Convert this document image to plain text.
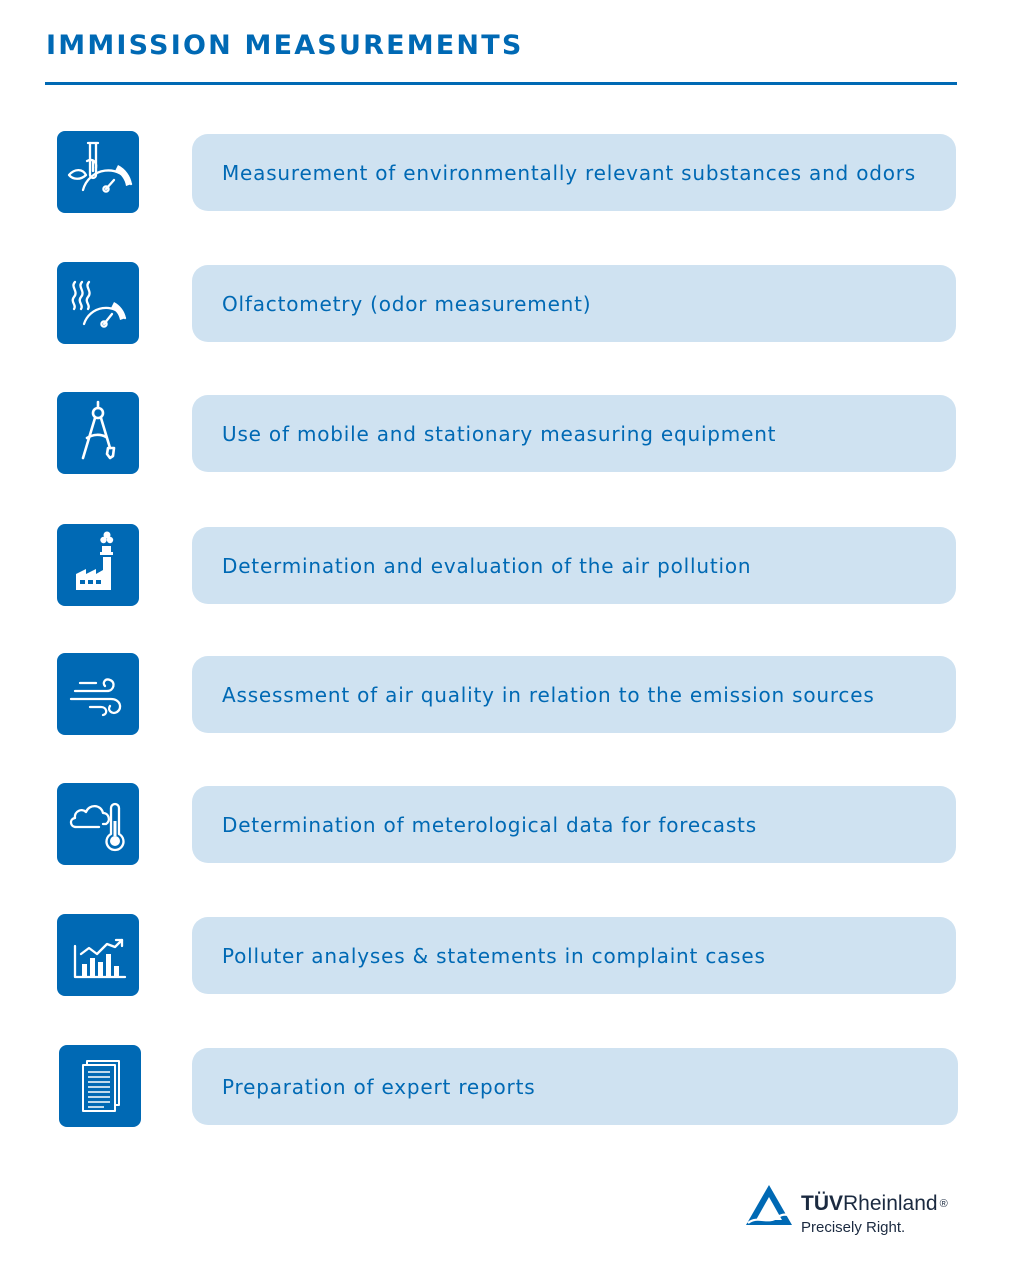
IMMISSION MEASUREMENTS
Measurement of environmentally relevant substances and odors
Olfactometry (odor measurement)
Use of mobile and stationary measuring equipment
Determination and evaluation of the air pollution
Assessment of air quality in relation to the emission sources
Determination of meterological data for forecasts
Polluter analyses & statements in complaint cases
Preparation of expert reports
TÜVRheinland ®
Precisely Right.
